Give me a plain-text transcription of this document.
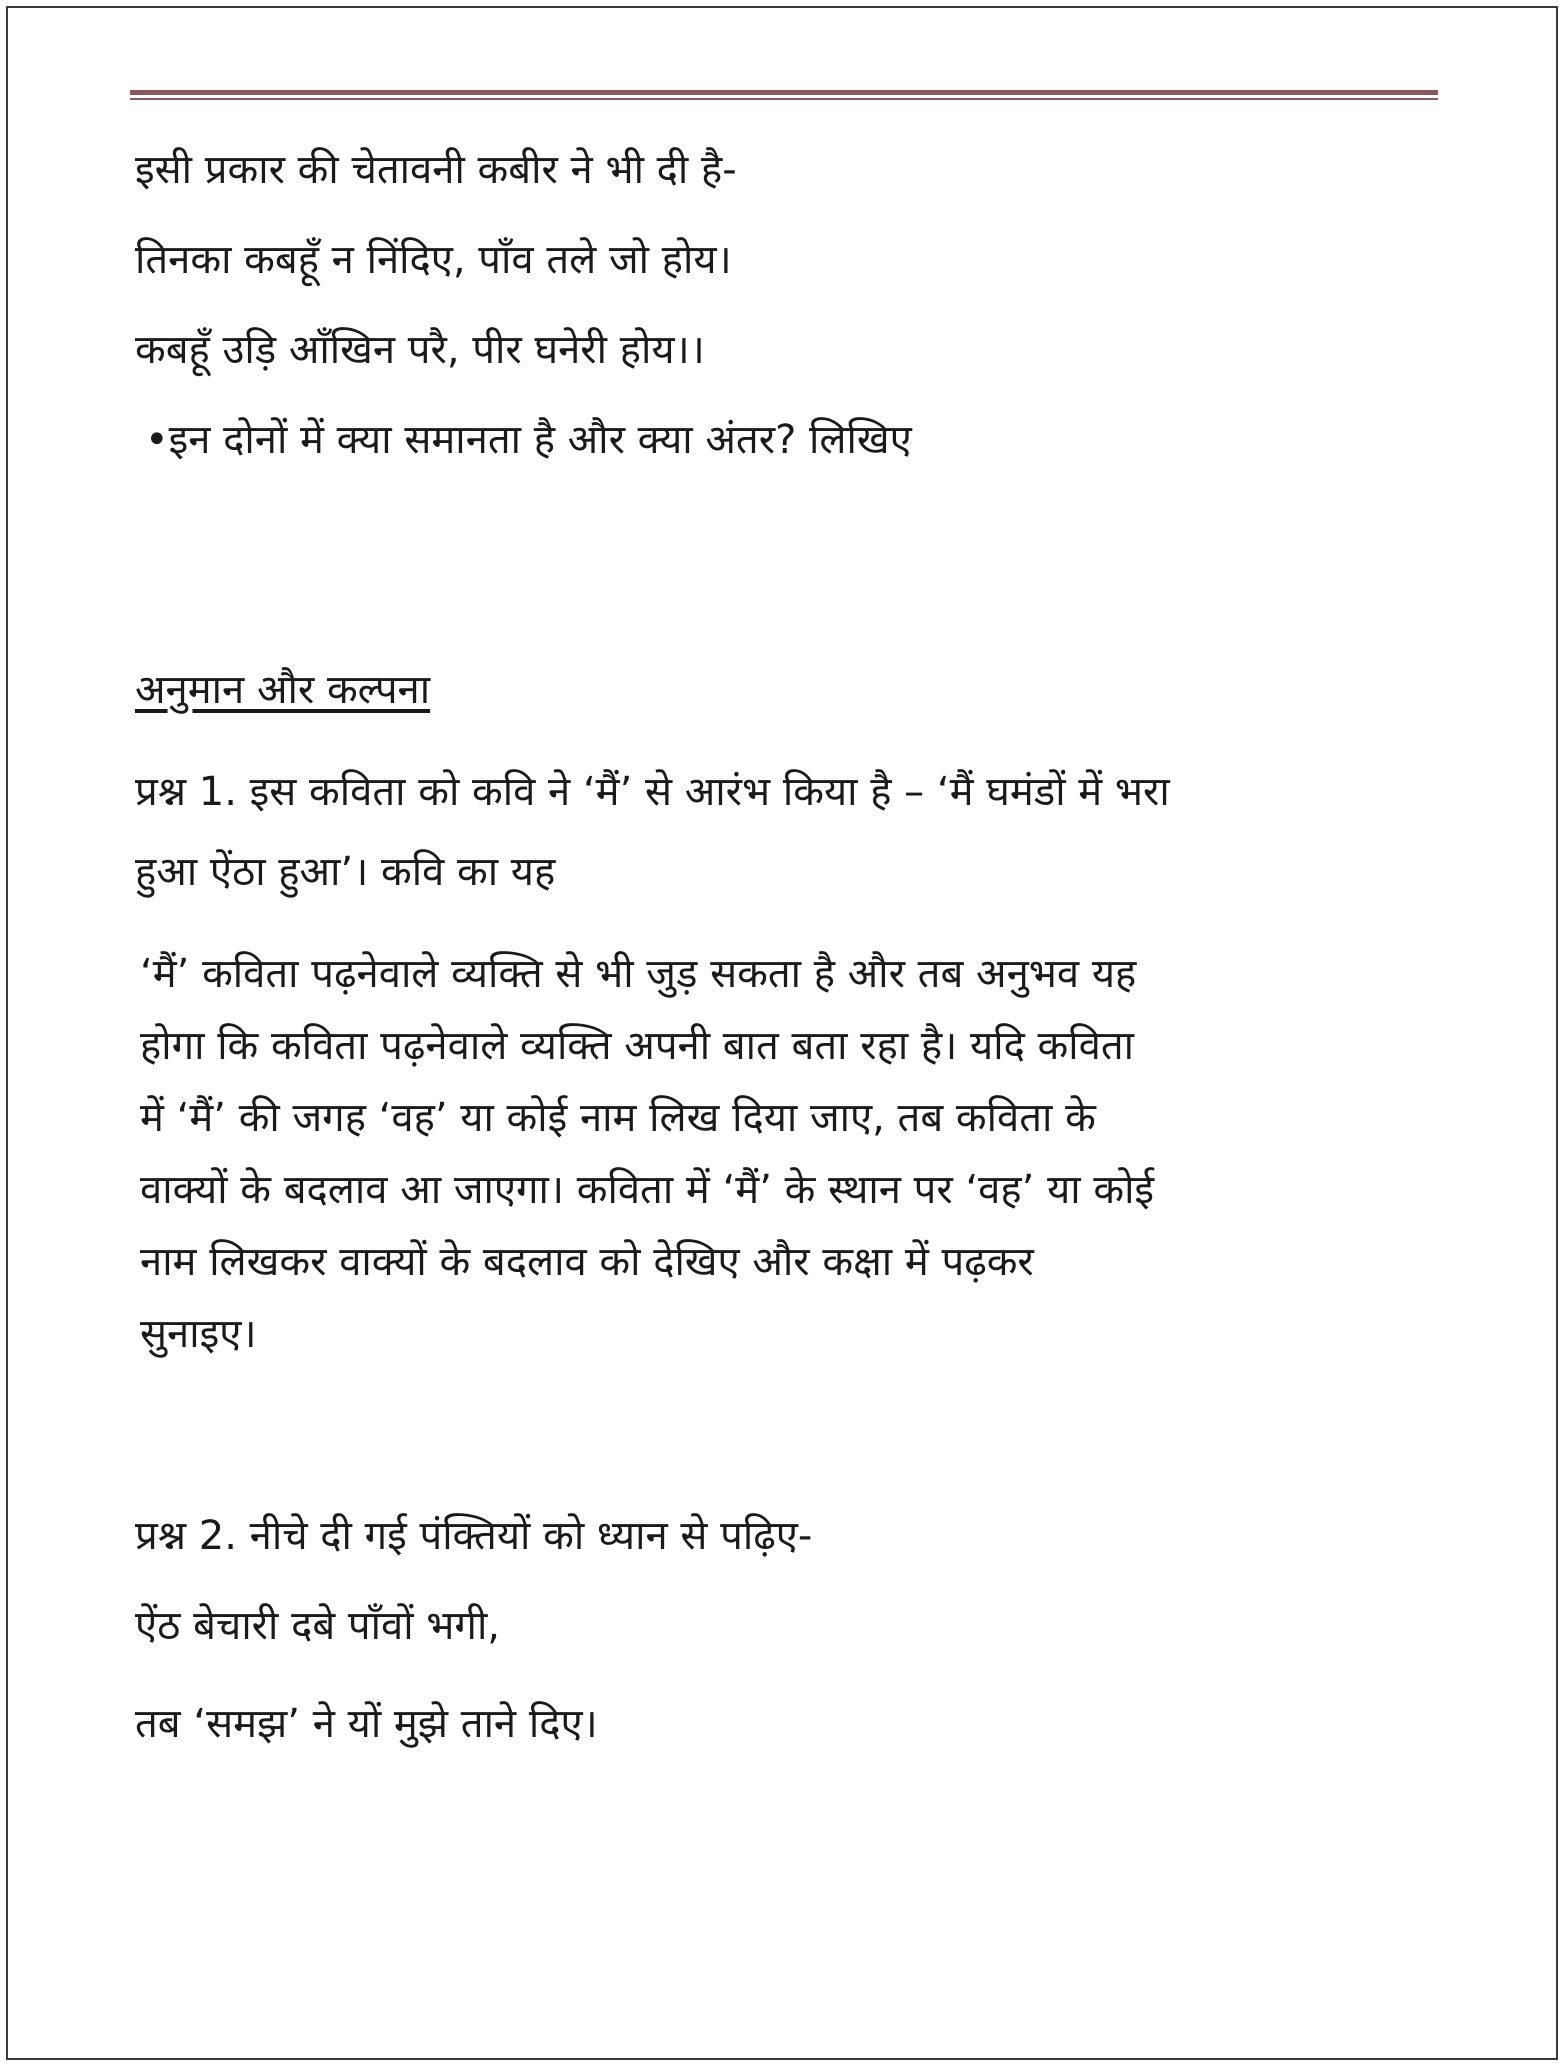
इसी प्रकार की चेतावनी कबीर ने भी दी है-
तिनका कबहूँ न निंदिए, पाँव तले जो होय।
कबहूँ उड़ि आँखिन परै, पीर घनेरी होय।।
•इन दोनों में क्या समानता है और क्या अंतर? लिखिए
अनुमान और कल्पना
प्रश्न 1. इस कविता को कवि ने ‘मैं’ से आरंभ किया है – ‘मैं घमंडों में भरा
हुआ ऐंठा हुआ’। कवि का यह
‘मैं’ कविता पढ़नेवाले व्यक्ति से भी जुड़ सकता है और तब अनुभव यह
होगा कि कविता पढ़नेवाले व्यक्ति अपनी बात बता रहा है। यदि कविता
में ‘मैं’ की जगह ‘वह’ या कोई नाम लिख दिया जाए, तब कविता के
वाक्यों के बदलाव आ जाएगा। कविता में ‘मैं’ के स्थान पर ‘वह’ या कोई
नाम लिखकर वाक्यों के बदलाव को देखिए और कक्षा में पढ़कर
सुनाइए।
प्रश्न 2. नीचे दी गई पंक्तियों को ध्यान से पढ़िए-
ऐंठ बेचारी दबे पाँवों भगी,
तब ‘समझ’ ने यों मुझे ताने दिए।
